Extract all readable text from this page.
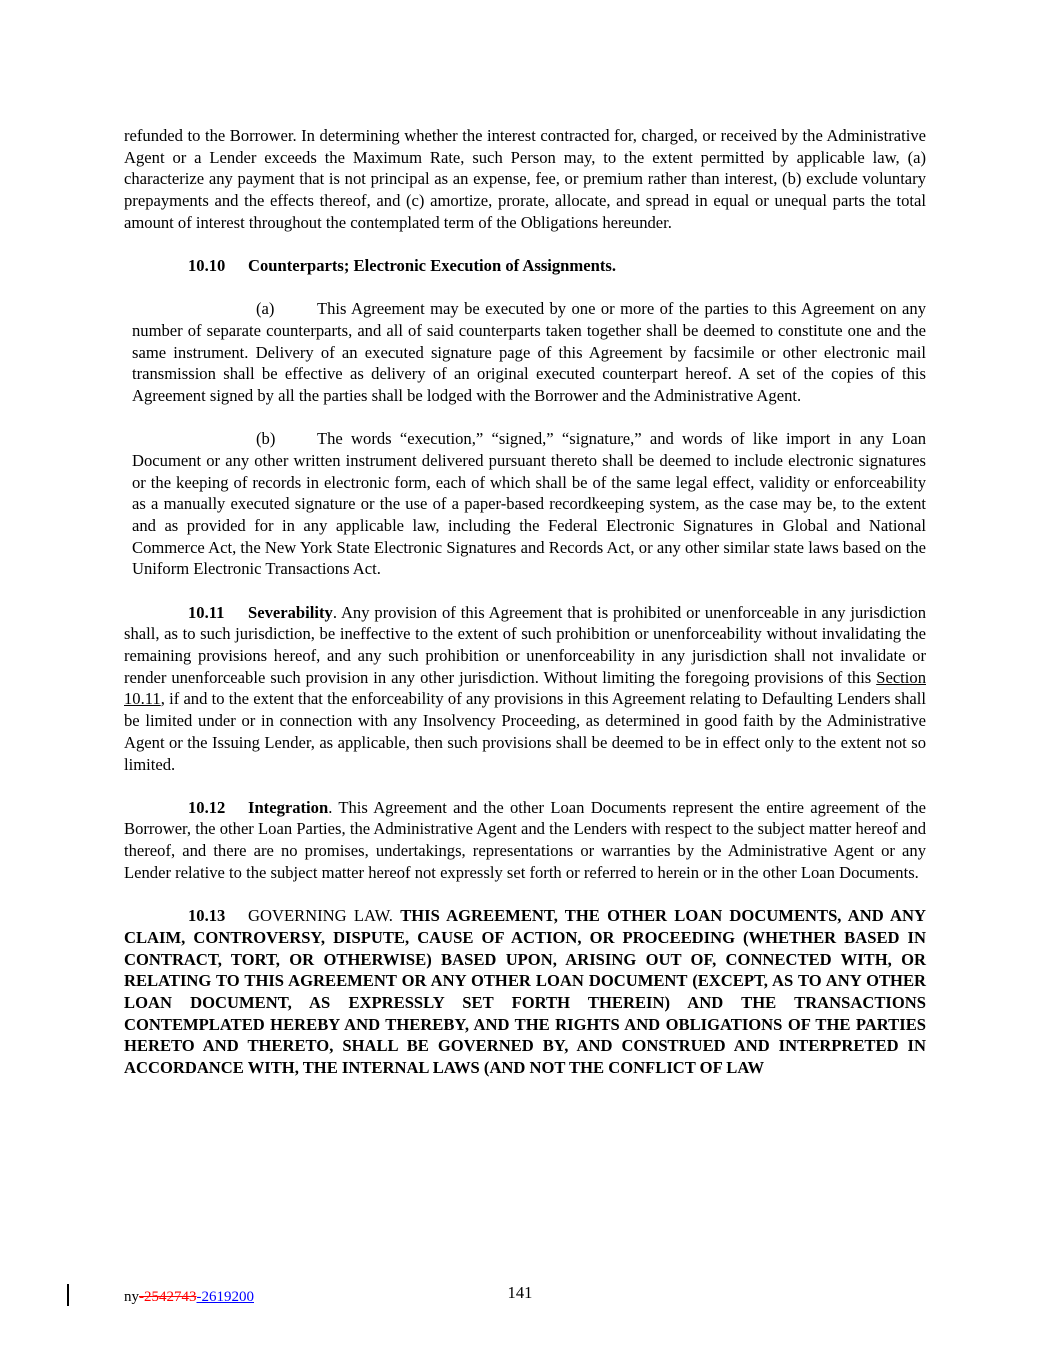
refunded to the Borrower. In determining whether the interest contracted for, charged, or received by the Administrative Agent or a Lender exceeds the Maximum Rate, such Person may, to the extent permitted by applicable law, (a) characterize any payment that is not principal as an expense, fee, or premium rather than interest, (b) exclude voluntary prepayments and the effects thereof, and (c) amortize, prorate, allocate, and spread in equal or unequal parts the total amount of interest throughout the contemplated term of the Obligations hereunder.

10.10 Counterparts; Electronic Execution of Assignments.

(a)	This Agreement may be executed by one or more of the parties to this Agreement on any number of separate counterparts, and all of said counterparts taken together shall be deemed to constitute one and the same instrument. Delivery of an executed signature page of this Agreement by facsimile or other electronic mail transmission shall be effective as delivery of an original executed counterpart hereof. A set of the copies of this Agreement signed by all the parties shall be lodged with the Borrower and the Administrative Agent.

(b)	The words “execution,” “signed,” “signature,” and words of like import in any Loan Document or any other written instrument delivered pursuant thereto shall be deemed to include electronic signatures or the keeping of records in electronic form, each of which shall be of the same legal effect, validity or enforceability as a manually executed signature or the use of a paper-based recordkeeping system, as the case may be, to the extent and as provided for in any applicable law, including the Federal Electronic Signatures in Global and National Commerce Act, the New York State Electronic Signatures and Records Act, or any other similar state laws based on the Uniform Electronic Transactions Act.

10.11 Severability. Any provision of this Agreement that is prohibited or unenforceable in any jurisdiction shall, as to such jurisdiction, be ineffective to the extent of such prohibition or unenforceability without invalidating the remaining provisions hereof, and any such prohibition or unenforceability in any jurisdiction shall not invalidate or render unenforceable such provision in any other jurisdiction. Without limiting the foregoing provisions of this Section 10.11, if and to the extent that the enforceability of any provisions in this Agreement relating to Defaulting Lenders shall be limited under or in connection with any Insolvency Proceeding, as determined in good faith by the Administrative Agent or the Issuing Lender, as applicable, then such provisions shall be deemed to be in effect only to the extent not so limited.

10.12 Integration. This Agreement and the other Loan Documents represent the entire agreement of the Borrower, the other Loan Parties, the Administrative Agent and the Lenders with respect to the subject matter hereof and thereof, and there are no promises, undertakings, representations or warranties by the Administrative Agent or any Lender relative to the subject matter hereof not expressly set forth or referred to herein or in the other Loan Documents.

10.13 GOVERNING LAW. THIS AGREEMENT, THE OTHER LOAN DOCUMENTS, AND ANY CLAIM, CONTROVERSY, DISPUTE, CAUSE OF ACTION, OR PROCEEDING (WHETHER BASED IN CONTRACT, TORT, OR OTHERWISE) BASED UPON, ARISING OUT OF, CONNECTED WITH, OR RELATING TO THIS AGREEMENT OR ANY OTHER LOAN DOCUMENT (EXCEPT, AS TO ANY OTHER LOAN DOCUMENT, AS EXPRESSLY SET FORTH THEREIN) AND THE TRANSACTIONS CONTEMPLATED HEREBY AND THEREBY, AND THE RIGHTS AND OBLIGATIONS OF THE PARTIES HERETO AND THERETO, SHALL BE GOVERNED BY, AND CONSTRUED AND INTERPRETED IN ACCORDANCE WITH, THE INTERNAL LAWS (AND NOT THE CONFLICT OF LAW

ny-2542743-2619200	141
